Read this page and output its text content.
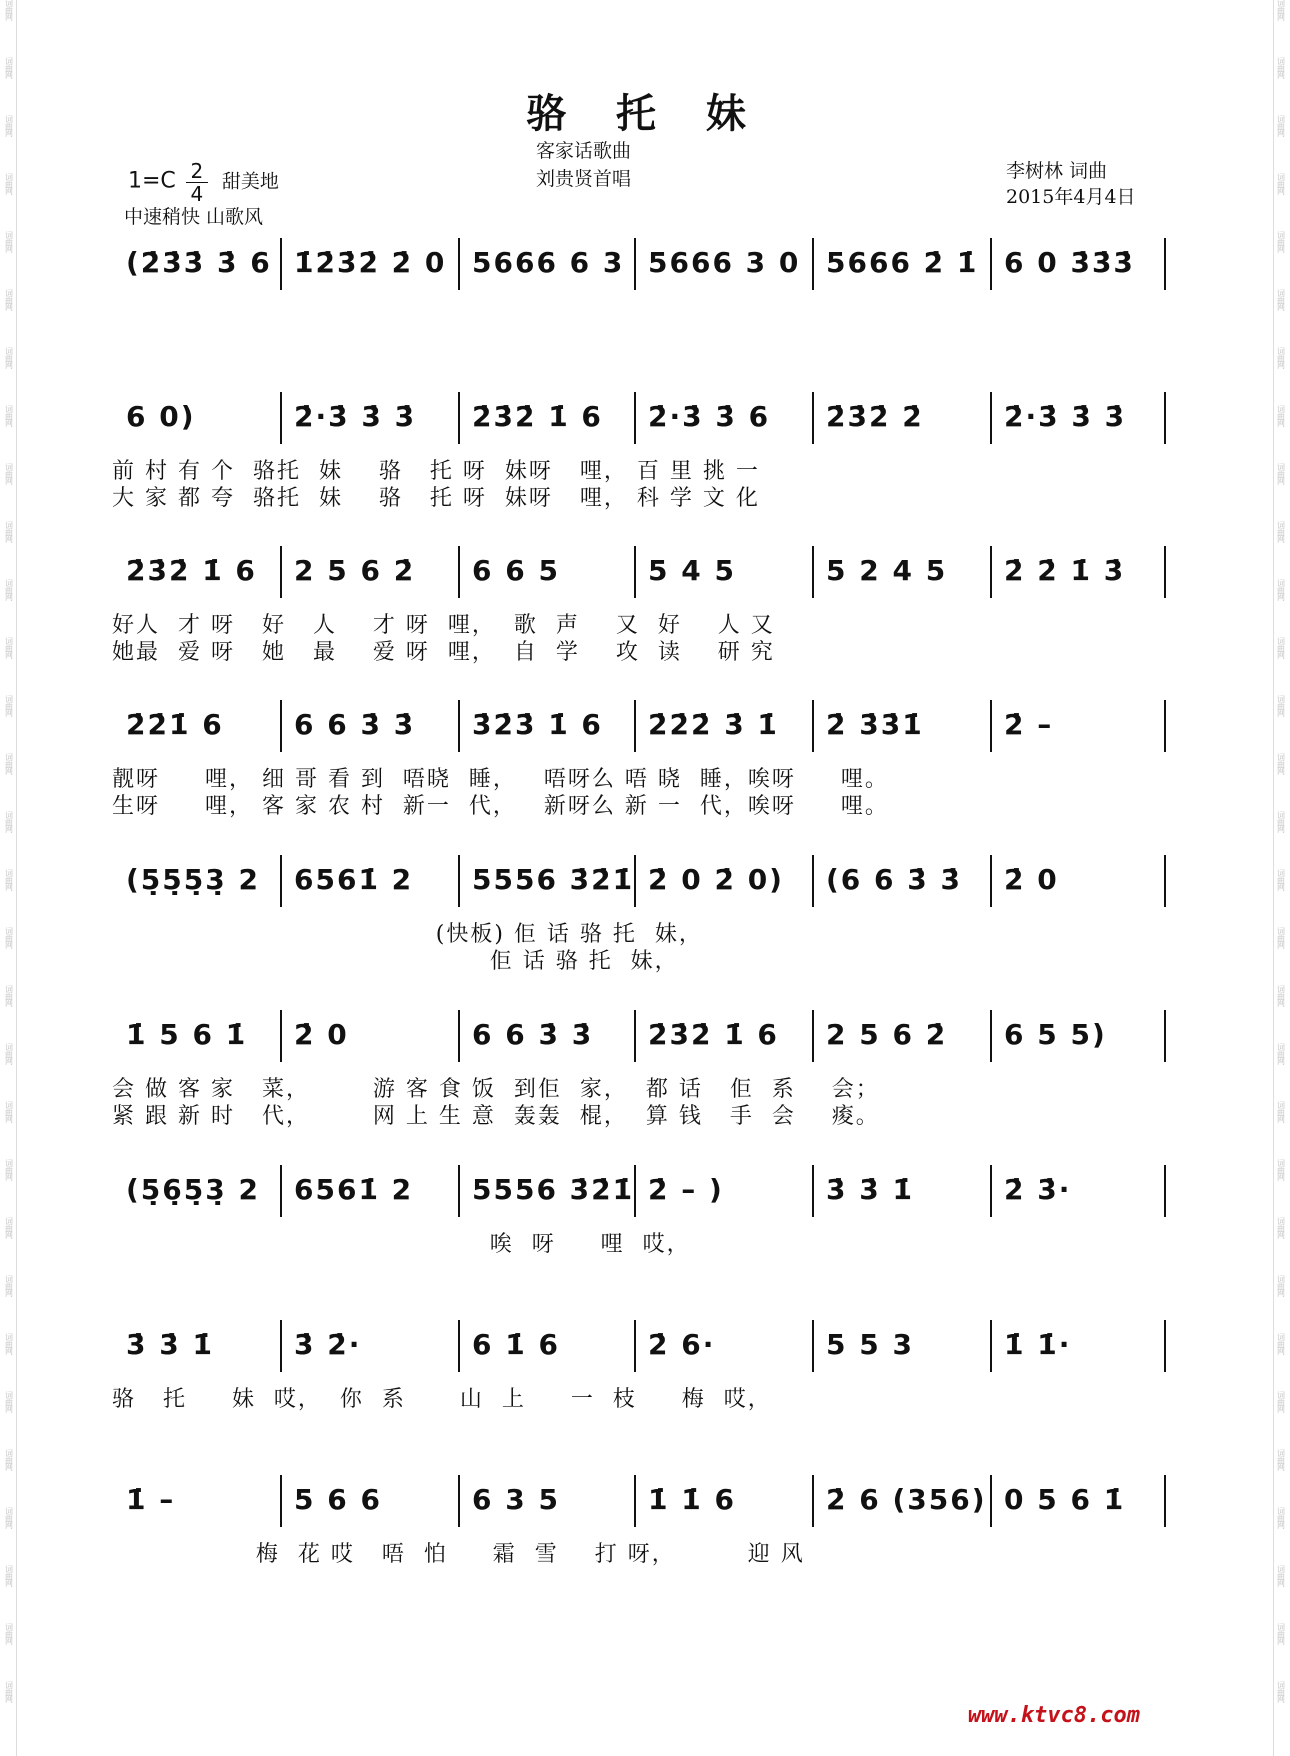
词
曲
网
词
曲
网
词
曲
网
词
曲
网
词
曲
网
词
曲
网
词
曲
网
词
曲
网
词
曲
网
词
曲
网
词
曲
网
词
曲
网
词
曲
网
词
曲
网
词
曲
网
词
曲
网
词
曲
网
词
曲
网
词
曲
网
词
曲
网
词
曲
网
词
曲
网
词
曲
网
词
曲
网
词
曲
网
词
曲
网
词
曲
网
词
曲
网
词
曲
网
词
曲
网
词
曲
网
词
曲
网
词
曲
网
词
曲
网
词
曲
网
词
曲
网
词
曲
网
词
曲
网
词
曲
网
词
曲
网
词
曲
网
词
曲
网
词
曲
网
词
曲
网
词
曲
网
词
曲
网
词
曲
网
词
曲
网
词
曲
网
词
曲
网
词
曲
网
词
曲
网
词
曲
网
词
曲
网
词
曲
网
词
曲
网
词
曲
网
词
曲
网
词
曲
网
词
曲
网
骆 托 妹
$1=C \frac{2}{4}$ 甜美地
中速稍快 山歌风
客家话歌曲
刘贵贤首唱	李树林 词曲
2015年4月4日
(2̇3̇3̇ 3̇ 6 1̇2̇3̇2̇ 2̇ 0 5666 6 3 5666 3 0 5666 2̇ 1̇ 6 0 3̇3̇3̇
6 0)	2̇·3̇ 3̇ 3̇ 2̇3̇2̇ 1̇ 6 2̇·3̇ 3̇ 6 2̇3̇2̇ 2̇	2̇·3̇ 3̇ 3̇
前 村 有 个  骆托  妹    骆   托 呀  妹呀   哩， 百 里 挑 一
大 家 都 夸  骆托  妹    骆   托 呀  妹呀   哩， 科 学 文 化
2̇3̇2̇ 1̇ 6 2 5 6 2̇ 6 6 5	5 4 5	5 2 4 5 2̇ 2̇ 1̇ 3̇
好人  才 呀   好   人    才 呀  哩，  歌  声    又  好    人 又
她最  爱 呀   她   最    爱 呀  哩，  自  学    攻  读    研 究
2̇2̇1̇ 6	6 6 3̇ 3̇ 3̇2̇3̇ 1̇ 6 2̇2̇2̇ 3̇ 1̇ 2̇ 3̇3̇1̇	2̇ –
靓呀     哩， 细 哥 看 到  唔晓  睡，   唔呀么 唔 晓  睡，唉呀     哩。
生呀     哩， 客 家 农 村  新一  代，   新呀么 新 一  代，唉呀     哩。
(5̣5̣5̣3̣ 2 6561̇ 2 5556 3̇2̇1̇ 2̇ 0 2̇ 0) (6 6 3̇ 3̇ 2̇ 0
(快板) 佢 话 骆 托  妹，
佢 话 骆 托  妹，
1̇ 5 6 1̇ 2̇ 0	6 6 3̇ 3̇ 2̇3̇2̇ 1̇ 6 2 5 6 2̇ 6 5 5)
会 做 客 家   菜，       游 客 食 饭  到佢  家，  都 话   佢  系    会；
紧 跟 新 时   代，       网 上 生 意  轰轰  棍，  算 钱   手  会    痠。
(5̣6̣5̣3̣ 2 6561̇ 2 5556 3̇2̇1̇ 2̇ – )	3̇ 3̇ 1̇	2̇ 3̇·
唉  呀     哩  哎，
3̇ 3̇ 1̇	3̇ 2̇·	6 1̇ 6	2̇ 6·	5 5 3	1̇ 1̇·
骆   托     妹  哎，  你  系      山  上     一  枝     梅  哎，
1̇ –	5 6 6	6 3 5	1̇ 1̇ 6	2̇ 6 (356) 0 5 6 1̇
梅  花 哎   唔  怕     霜  雪    打 呀，        迎 风
www.ktvc8.com
